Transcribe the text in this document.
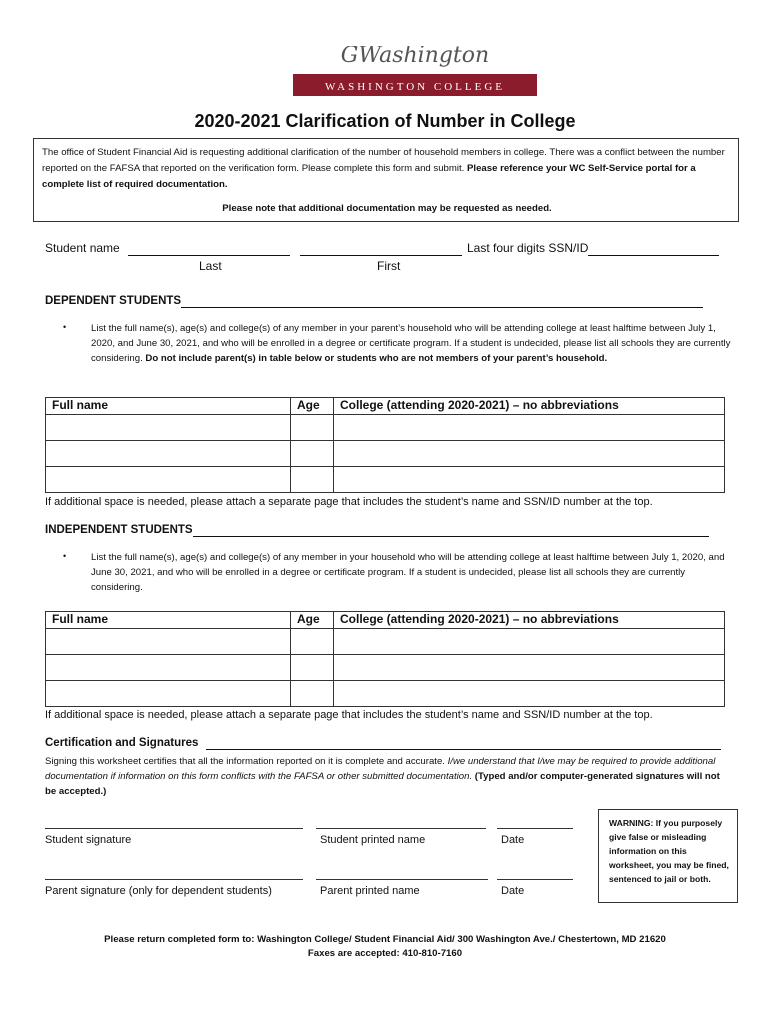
GWashington
WASHINGTON COLLEGE
2020-2021 Clarification of Number in College
The office of Student Financial Aid is requesting additional clarification of the number of household members in college. There was a conflict between the number reported on the FAFSA that reported on the verification form. Please complete this form and submit. Please reference your WC Self-Service portal for a complete list of required documentation.
Please note that additional documentation may be requested as needed.
Student name	Last four digits SSN/ID
Last	First
DEPENDENT STUDENTS
•	List the full name(s), age(s) and college(s) of any member in your parent’s household who will be attending college at least halftime between July 1, 2020, and June 30, 2021, and who will be enrolled in a degree or certificate program. If a student is undecided, please list all schools they are currently considering. Do not include parent(s) in table below or students who are not members of your parent’s household.
Full name	Age	College (attending 2020-2021) – no abbreviations

If additional space is needed, please attach a separate page that includes the student’s name and SSN/ID number at the top.
INDEPENDENT STUDENTS
•	List the full name(s), age(s) and college(s) of any member in your household who will be attending college at least halftime between July 1, 2020, and June 30, 2021, and who will be enrolled in a degree or certificate program. If a student is undecided, please list all schools they are currently considering.
Full name	Age	College (attending 2020-2021) – no abbreviations

If additional space is needed, please attach a separate page that includes the student’s name and SSN/ID number at the top.
Certification and Signatures
Signing this worksheet certifies that all the information reported on it is complete and accurate. I/we understand that I/we may be required to provide additional documentation if information on this form conflicts with the FAFSA or other submitted documentation. (Typed and/or computer-generated signatures will not be accepted.)
Student signature	Student printed name	Date
Parent signature (only for dependent students)	Parent printed name	Date
WARNING: If you purposely give false or misleading information on this worksheet, you may be fined, sentenced to jail or both.
Please return completed form to: Washington College/ Student Financial Aid/ 300 Washington Ave./ Chestertown, MD 21620
Faxes are accepted: 410-810-7160
